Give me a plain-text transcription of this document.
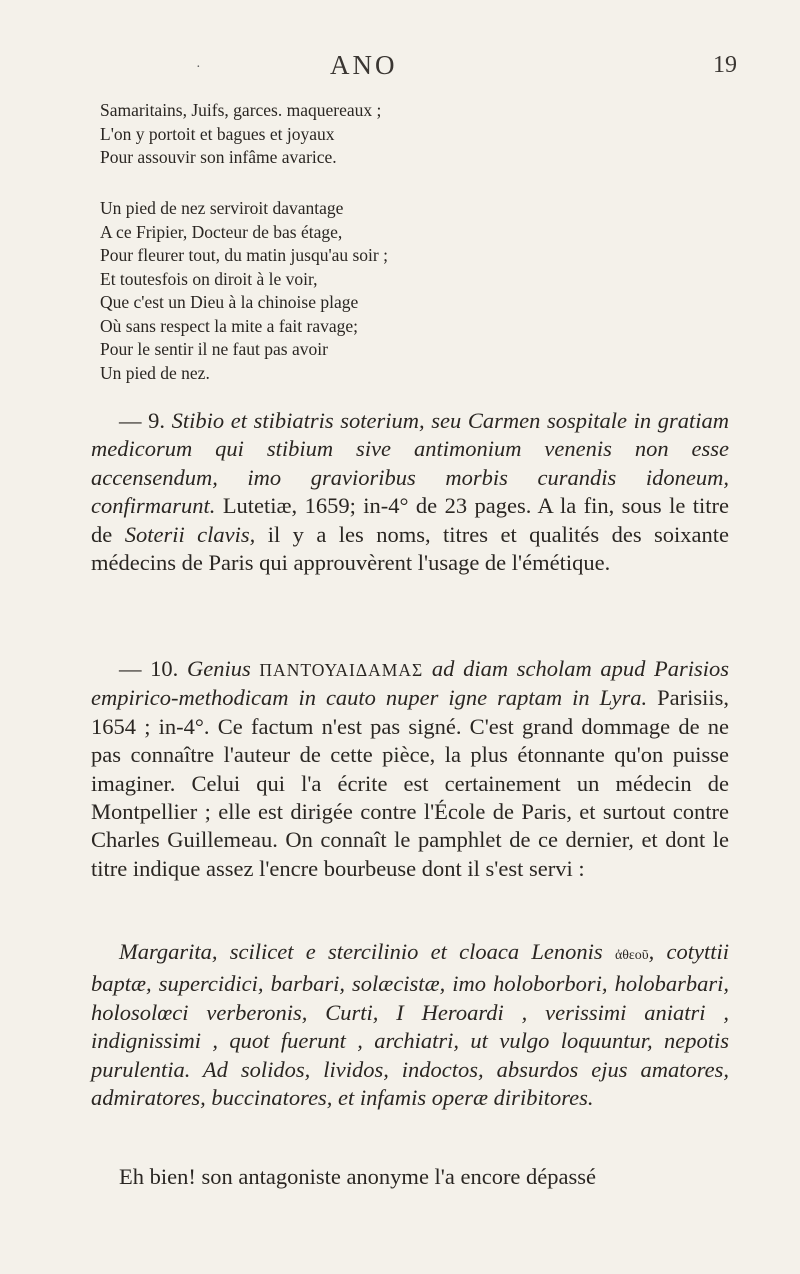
·	ANO	19
Samaritains, Juifs, garces. maquereaux ;
L'on y portoit et bagues et joyaux
Pour assouvir son infâme avarice.
Un pied de nez serviroit davantage
A ce Fripier, Docteur de bas étage,
Pour fleurer tout, du matin jusqu'au soir ;
Et toutesfois on diroit à le voir,
Que c'est un Dieu à la chinoise plage
Où sans respect la mite a fait ravage;
Pour le sentir il ne faut pas avoir
Un pied de nez.
— 9. Stibio et stibiatris soterium, seu Carmen sospitale in gratiam medicorum qui stibium sive antimonium venenis non esse accensendum, imo gravioribus morbis curandis idoneum, confirmarunt. Lutetiæ, 1659; in-4° de 23 pages. A la fin, sous le titre de Soterii clavis, il y a les noms, titres et qualités des soixante médecins de Paris qui approuvèrent l'usage de l'émétique.
— 10. Genius ΠΑΝΤΟΥΑΙΔΑΜΑΣ ad diam scholam apud Parisios empirico-methodicam in cauto nuper igne raptam in Lyra. Parisiis, 1654 ; in-4°. Ce factum n'est pas signé. C'est grand dommage de ne pas connaître l'auteur de cette pièce, la plus étonnante qu'on puisse imaginer. Celui qui l'a écrite est certainement un médecin de Montpellier ; elle est dirigée contre l'École de Paris, et surtout contre Charles Guillemeau. On connaît le pamphlet de ce dernier, et dont le titre indique assez l'encre bourbeuse dont il s'est servi :
Margarita, scilicet e stercilinio et cloaca Lenonis ἀθεοῦ, cotyttii baptæ, supercidici, barbari, solæcistæ, imo holoborbori, holobarbari, holosolœci verberonis, Curti, I Heroardi , verissimi aniatri , indignissimi , quot fuerunt , archiatri, ut vulgo loquuntur, nepotis purulentia. Ad solidos, lividos, indoctos, absurdos ejus amatores, admiratores, buccinatores, et infamis operæ diribitores.
Eh bien! son antagoniste anonyme l'a encore dépassé
